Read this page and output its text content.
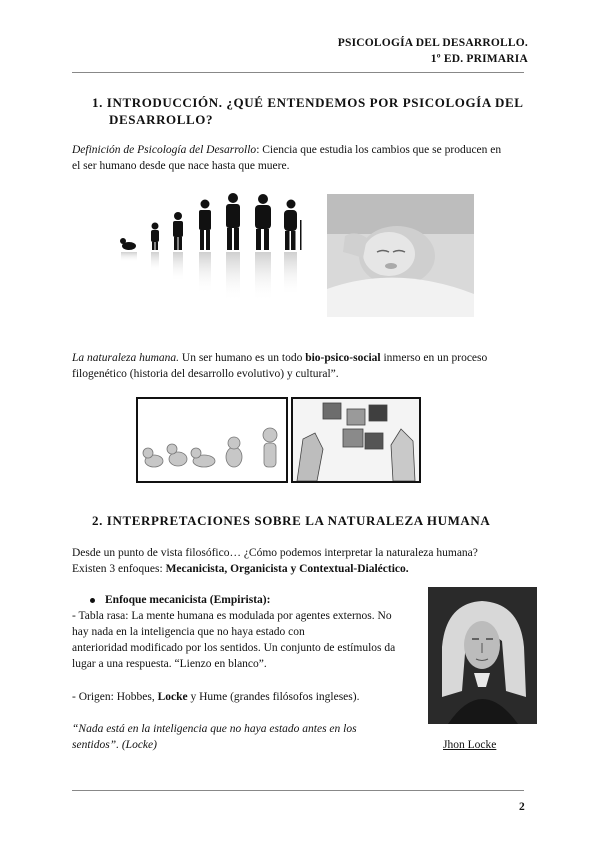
PSICOLOGÍA DEL DESARROLLO.
1º ED. PRIMARIA
1. INTRODUCCIÓN. ¿QUÉ ENTENDEMOS POR PSICOLOGÍA DEL
DESARROLLO?
Definición de Psicología del Desarrollo: Ciencia que estudia los cambios que se producen en
el ser humano desde que nace hasta que muere.
La naturaleza humana. Un ser humano es un todo bio-psico-social inmerso en un proceso
filogenético (historia del desarrollo evolutivo) y cultural”.
2. INTERPRETACIONES SOBRE LA NATURALEZA HUMANA
Desde un punto de vista filosófico… ¿Cómo podemos interpretar la naturaleza humana?
Existen 3 enfoques: Mecanicista, Organicista y Contextual-Dialéctico.
Enfoque mecanicista (Empirista):
- Tabla rasa: La mente humana es modulada por agentes externos. No
hay nada en la inteligencia que no haya estado con
anterioridad modificado por los sentidos. Un conjunto de estímulos da
lugar a una respuesta. “Lienzo en blanco”.
- Origen: Hobbes, Locke y Hume (grandes filósofos ingleses).
“Nada está en la inteligencia que no haya estado antes en los
sentidos”. (Locke)	Jhon Locke
2
